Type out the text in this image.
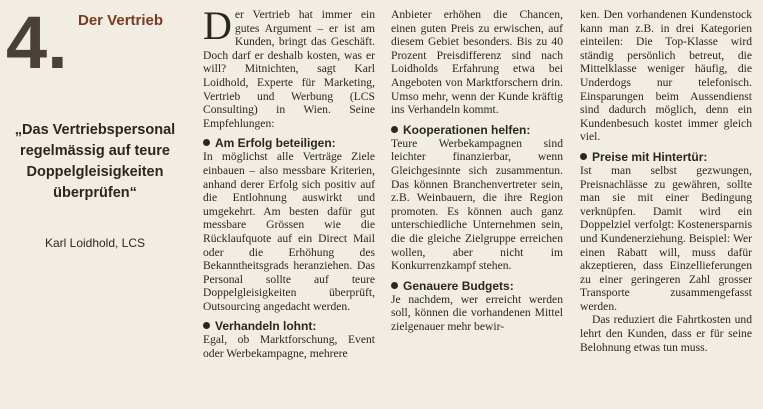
4. Der Vertrieb
„Das Vertriebspersonal regelmässig auf teure Doppelgleisigkeiten überprüfen“
Karl Loidhold, LCS

Der Vertrieb hat immer ein gutes Argument – er ist am Kunden, bringt das Geschäft. Doch darf er deshalb kosten, was er will? Mitnichten, sagt Karl Loidhold, Experte für Marketing, Vertrieb und Werbung (LCS Consulting) in Wien. Seine Empfehlungen:

Am Erfolg beteiligen:

In möglichst alle Verträge Ziele einbauen – also messbare Kriterien, anhand derer Erfolg sich positiv auf die Entlohnung auswirkt und umgekehrt. Am besten dafür gut messbare Grössen wie die Rücklaufquote auf ein Direct Mail oder die Erhöhung des Bekanntheitsgrads heranziehen. Das Personal sollte auf teure Doppelgleisigkeiten überprüft, Outsourcing angedacht werden.

Verhandeln lohnt:

Egal, ob Marktforschung, Event oder Werbekampagne, mehrere

Anbieter erhöhen die Chancen, einen guten Preis zu erwischen, auf diesem Gebiet besonders. Bis zu 40 Prozent Preisdifferenz sind nach Loidholds Erfahrung etwa bei Angeboten von Marktforschern drin. Umso mehr, wenn der Kunde kräftig ins Verhandeln kommt.

Kooperationen helfen:

Teure Werbekampagnen sind leichter finanzierbar, wenn Gleichgesinnte sich zusammentun. Das können Branchenvertreter sein, z.B. Weinbauern, die ihre Region promoten. Es können auch ganz unterschiedliche Unternehmen sein, die die gleiche Zielgruppe erreichen wollen, aber nicht im Konkurrenzkampf stehen.

Genauere Budgets:

Je nachdem, wer erreicht werden soll, können die vorhandenen Mittel zielgenauer mehr bewir-

ken. Den vorhandenen Kundenstock kann man z.B. in drei Kategorien einteilen: Die Top-Klasse wird ständig persönlich betreut, die Mittelklasse weniger häufig, die Underdogs nur telefonisch. Einsparungen beim Aussendienst sind dadurch möglich, denn ein Kundenbesuch kostet immer gleich viel.

Preise mit Hintertür:

Ist man selbst gezwungen, Preisnachlässe zu gewähren, sollte man sie mit einer Bedingung verknüpfen. Damit wird ein Doppelziel verfolgt: Kostenersparnis und Kundenerziehung. Beispiel: Wer einen Rabatt will, muss dafür akzeptieren, dass Einzellieferungen zu einer geringeren Zahl grosser Transporte zusammengefasst werden.

Das reduziert die Fahrtkosten und lehrt den Kunden, dass er für seine Belohnung etwas tun muss.
